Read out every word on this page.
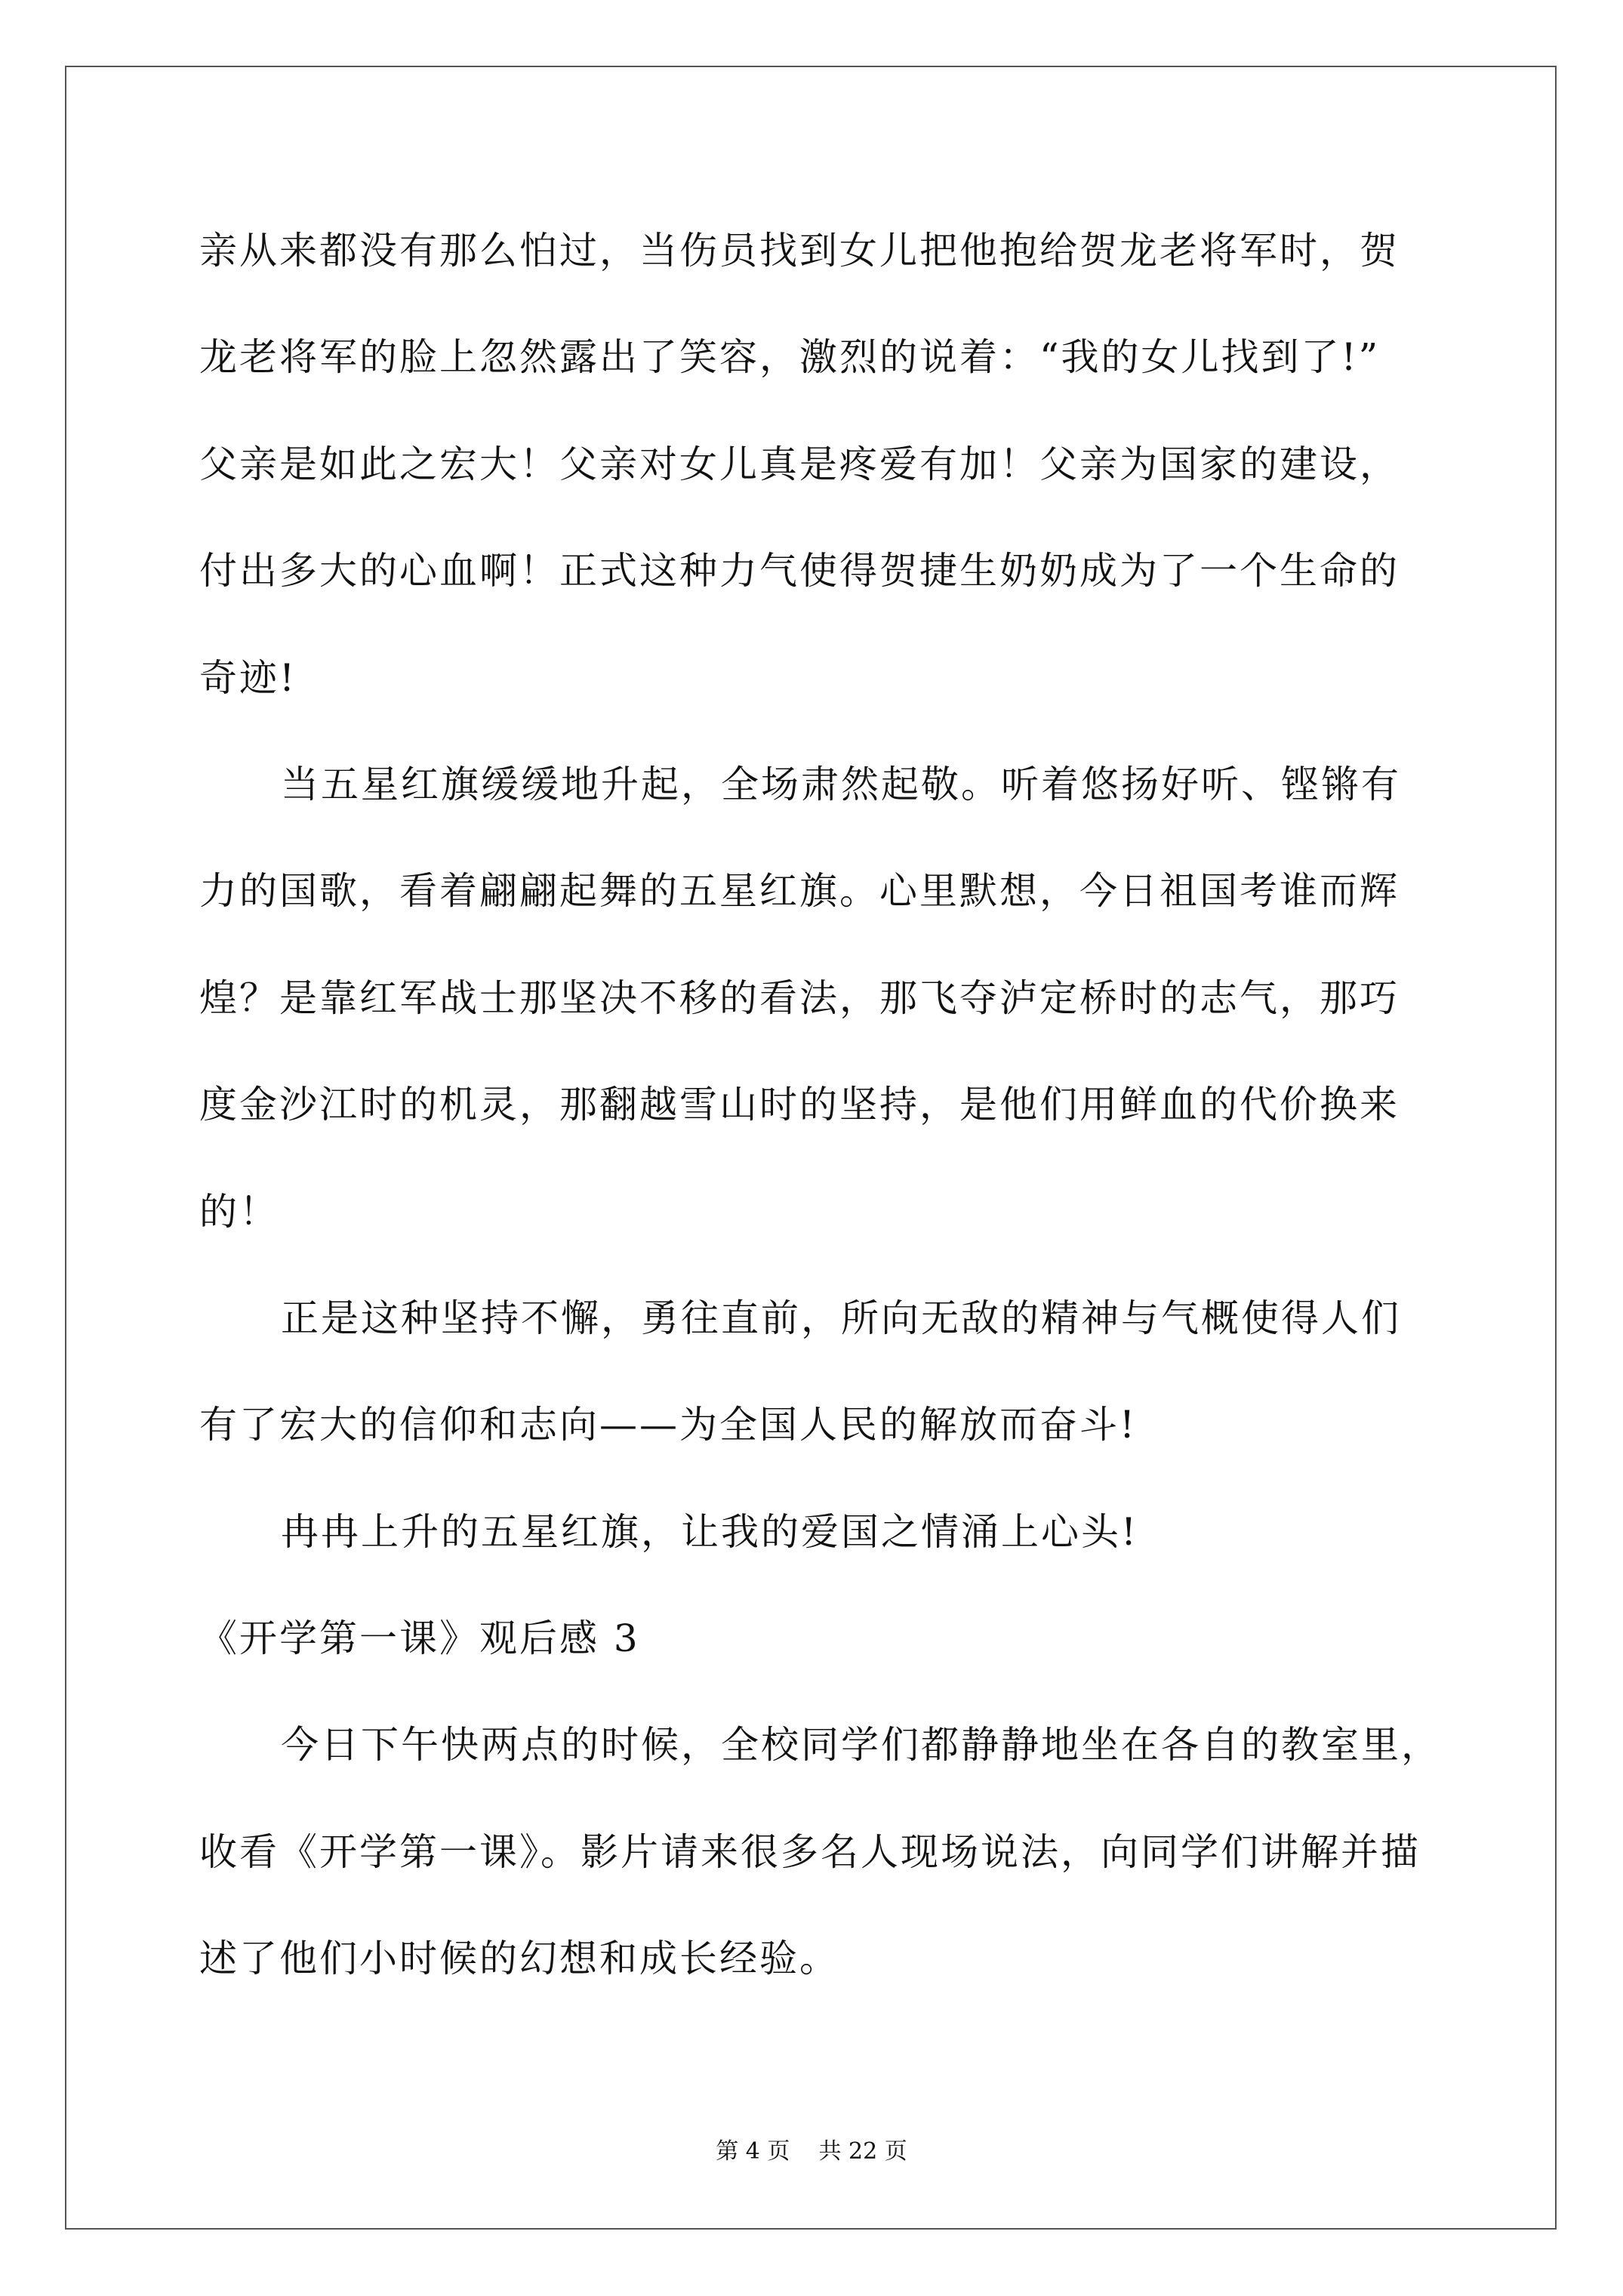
亲从来都没有那么怕过，当伤员找到女儿把他抱给贺龙老将军时，贺
龙老将军的脸上忽然露出了笑容，激烈的说着：“我的女儿找到了!”
父亲是如此之宏大！父亲对女儿真是疼爱有加！父亲为国家的建设，
付出多大的心血啊！正式这种力气使得贺捷生奶奶成为了一个生命的
奇迹!
当五星红旗缓缓地升起，全场肃然起敬。听着悠扬好听、铿锵有
力的国歌，看着翩翩起舞的五星红旗。心里默想，今日祖国考谁而辉
煌？是靠红军战士那坚决不移的看法，那飞夺泸定桥时的志气，那巧
度金沙江时的机灵，那翻越雪山时的坚持，是他们用鲜血的代价换来
的！
正是这种坚持不懈，勇往直前，所向无敌的精神与气概使得人们
有了宏大的信仰和志向——为全国人民的解放而奋斗!
冉冉上升的五星红旗，让我的爱国之情涌上心头!
《开学第一课》观后感 3
今日下午快两点的时候，全校同学们都静静地坐在各自的教室里，
收看《开学第一课》。影片请来很多名人现场说法，向同学们讲解并描
述了他们小时候的幻想和成长经验。
第 4 页    共 22 页
